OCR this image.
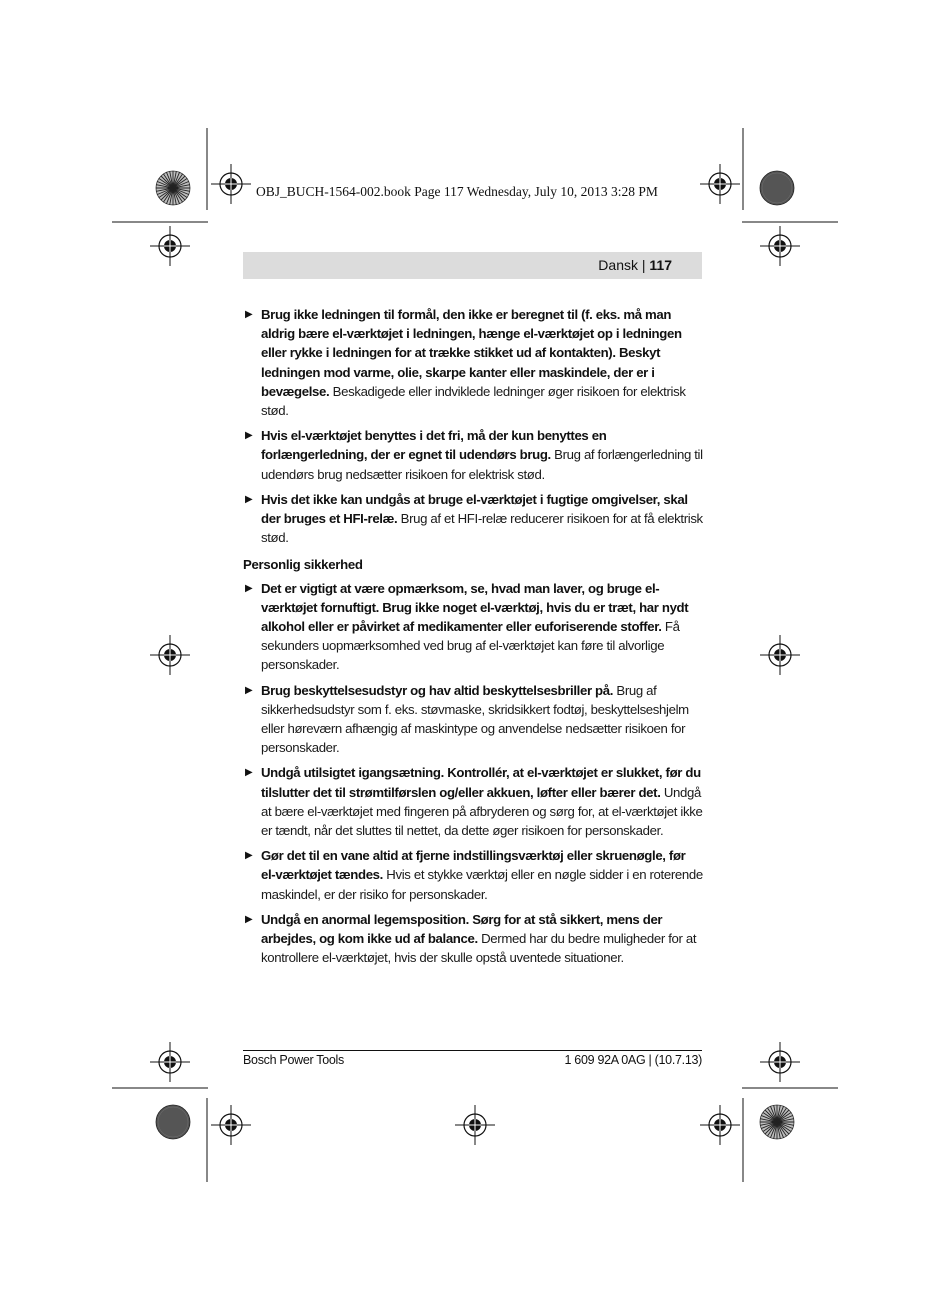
OBJ_BUCH-1564-002.book Page 117 Wednesday, July 10, 2013 3:28 PM
Dansk | 117
▶ Brug ikke ledningen til formål, den ikke er beregnet til (f. eks. må man aldrig bære el-værktøjet i ledningen, hænge el-værktøjet op i ledningen eller rykke i ledningen for at trække stikket ud af kontakten). Beskyt ledningen mod varme, olie, skarpe kanter eller maskindele, der er i bevægelse. Beskadigede eller indviklede ledninger øger risikoen for elektrisk stød.
▶ Hvis el-værktøjet benyttes i det fri, må der kun benyttes en forlængerledning, der er egnet til udendørs brug. Brug af forlængerledning til udendørs brug nedsætter risikoen for elektrisk stød.
▶ Hvis det ikke kan undgås at bruge el-værktøjet i fugtige omgivelser, skal der bruges et HFI-relæ. Brug af et HFI-relæ reducerer risikoen for at få elektrisk stød.
Personlig sikkerhed
▶ Det er vigtigt at være opmærksom, se, hvad man laver, og bruge el-værktøjet fornuftigt. Brug ikke noget el-værktøj, hvis du er træt, har nydt alkohol eller er påvirket af medikamenter eller euforiserende stoffer. Få sekunders uopmærksomhed ved brug af el-værktøjet kan føre til alvorlige personskader.
▶ Brug beskyttelsesudstyr og hav altid beskyttelsesbriller på. Brug af sikkerhedsudstyr som f. eks. støvmaske, skridsikkert fodtøj, beskyttelseshjelm eller høreværn afhængig af maskintype og anvendelse nedsætter risikoen for personskader.
▶ Undgå utilsigtet igangsætning. Kontrollér, at el-værktøjet er slukket, før du tilslutter det til strømtilførslen og/eller akkuen, løfter eller bærer det. Undgå at bære el-værktøjet med fingeren på afbryderen og sørg for, at el-værktøjet ikke er tændt, når det sluttes til nettet, da dette øger risikoen for personskader.
▶ Gør det til en vane altid at fjerne indstillingsværktøj eller skruenøgle, før el-værktøjet tændes. Hvis et stykke værktøj eller en nøgle sidder i en roterende maskindel, er der risiko for personskader.
▶ Undgå en anormal legemsposition. Sørg for at stå sikkert, mens der arbejdes, og kom ikke ud af balance. Dermed har du bedre muligheder for at kontrollere el-værktøjet, hvis der skulle opstå uventede situationer.
Bosch Power Tools	1 609 92A 0AG | (10.7.13)
